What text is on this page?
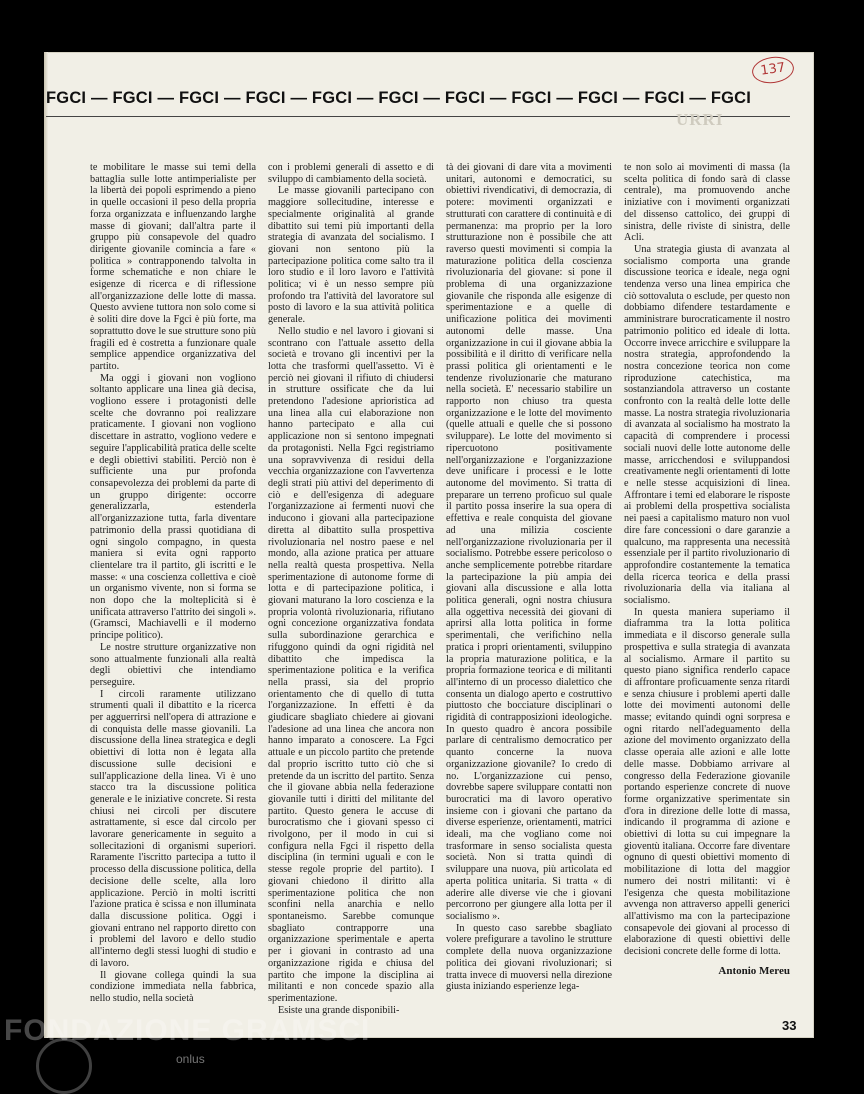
137
FGCI — FGCI — FGCI — FGCI — FGCI — FGCI — FGCI — FGCI — FGCI — FGCI — FGCI
URRI

te mobilitare le masse sui temi della battaglia sulle lotte antimperialiste per la libertà dei popoli esprimendo a pieno in quelle occasioni il peso della propria forza organizzata e influenzando larghe masse di giovani; dall'altra parte il gruppo più consapevole del quadro dirigente giovanile comincia a fare « politica » contrapponendo talvolta in forme schematiche e non chiare le esigenze di ricerca e di riflessione all'organizzazione delle lotte di massa. Questo avviene tuttora non solo come si è soliti dire dove la Fgci è più forte, ma soprattutto dove le sue strutture sono più fragili ed è costretta a funzionare quale semplice appendice organizzativa del partito.

Ma oggi i giovani non vogliono soltanto applicare una linea già decisa, vogliono essere i protagonisti delle scelte che dovranno poi realizzare praticamente. I giovani non vogliono discettare in astratto, vogliono vedere e seguire l'applicabilità pratica delle scelte e degli obiettivi stabiliti. Perciò non è sufficiente una pur profonda consapevolezza dei problemi da parte di un gruppo dirigente: occorre generalizzarla, estenderla all'organizzazione tutta, farla diventare patrimonio della prassi quotidiana di ogni singolo compagno, in questa maniera si evita ogni rapporto clientelare tra il partito, gli iscritti e le masse: « una coscienza collettiva e cioè un organismo vivente, non si forma se non dopo che la molteplicità si è unificata attraverso l'attrito dei singoli ». (Gramsci, Machiavelli e il moderno principe politico).

Le nostre strutture organizzative non sono attualmente funzionali alla realtà degli obiettivi che intendiamo perseguire.

I circoli raramente utilizzano strumenti quali il dibattito e la ricerca per agguerrirsi nell'opera di attrazione e di conquista delle masse giovanili. La discussione della linea strategica e degli obiettivi di lotta non è legata alla discussione sulle decisioni e sull'applicazione della linea. Vi è uno stacco tra la discussione politica generale e le iniziative concrete. Si resta chiusi nei circoli per discutere astrattamente, si esce dal circolo per lavorare genericamente in seguito a sollecitazioni di organismi superiori. Raramente l'iscritto partecipa a tutto il processo della discussione politica, della decisione delle scelte, alla loro applicazione. Perciò in molti iscritti l'azione pratica è scissa e non illuminata dalla discussione politica. Oggi i giovani entrano nel rapporto diretto con i problemi del lavoro e dello studio all'interno degli stessi luoghi di studio e di lavoro.

Il giovane collega quindi la sua condizione immediata nella fabbrica, nello studio, nella società

con i problemi generali di assetto e di sviluppo di cambiamento della società.

Le masse giovanili partecipano con maggiore sollecitudine, interesse e specialmente originalità al grande dibattito sui temi più importanti della strategia di avanzata del socialismo. I giovani non sentono più la partecipazione politica come salto tra il loro studio e il loro lavoro e l'attività politica; vi è un nesso sempre più profondo tra l'attività del lavoratore sul posto di lavoro e la sua attività politica generale.

Nello studio e nel lavoro i giovani si scontrano con l'attuale assetto della società e trovano gli incentivi per la lotta che trasformi quell'assetto. Vi è perciò nei giovani il rifiuto di chiudersi in strutture ossificate che da lui pretendono l'adesione aprioristica ad una linea alla cui elaborazione non hanno partecipato e alla cui applicazione non si sentono impegnati da protagonisti. Nella Fgci registriamo una sopravvivenza di residui della vecchia organizzazione con l'avvertenza degli strati più attivi del deperimento di ciò e dell'esigenza di adeguare l'organizzazione ai fermenti nuovi che inducono i giovani alla partecipazione diretta al dibattito sulla prospettiva rivoluzionaria nel nostro paese e nel mondo, alla azione pratica per attuare nella realtà questa prospettiva. Nella sperimentazione di autonome forme di lotta e di partecipazione politica, i giovani maturano la loro coscienza e la propria volontà rivoluzionaria, rifiutano ogni concezione organizzativa fondata sulla subordinazione gerarchica e rifuggono quindi da ogni rigidità nel dibattito che impedisca la sperimentazione politica e la verifica nella prassi, sia del proprio orientamento che di quello di tutta l'organizzazione. In effetti è da giudicare sbagliato chiedere ai giovani l'adesione ad una linea che ancora non hanno imparato a conoscere. La Fgci attuale e un piccolo partito che pretende dal proprio iscritto tutto ciò che si pretende da un iscritto del partito. Senza che il giovane abbia nella federazione giovanile tutti i diritti del militante del partito. Questo genera le accuse di burocratismo che i giovani spesso ci rivolgono, per il modo in cui si configura nella Fgci il rispetto della disciplina (in termini uguali e con le stesse regole proprie del partito). I giovani chiedono il diritto alla sperimentazione politica che non sconfini nella anarchia e nello spontaneismo. Sarebbe comunque sbagliato contrapporre una organizzazione sperimentale e aperta per i giovani in contrasto ad una organizzazione rigida e chiusa del partito che impone la disciplina ai militanti e non concede spazio alla sperimentazione.

Esiste una grande disponibili-

tà dei giovani di dare vita a movimenti unitari, autonomi e democratici, su obiettivi rivendicativi, di democrazia, di potere: movimenti organizzati e strutturati con carattere di continuità e di permanenza: ma proprio per la loro strutturazione non è possibile che att raverso questi movimenti si compia la maturazione politica della coscienza rivoluzionaria del giovane: si pone il problema di una organizzazione giovanile che risponda alle esigenze di sperimentazione e a quelle di unificazione politica dei movimenti autonomi delle masse. Una organizzazione in cui il giovane abbia la possibilità e il diritto di verificare nella prassi politica gli orientamenti e le tendenze rivoluzionarie che maturano nella società. E' necessario stabilire un rapporto non chiuso tra questa organizzazione e le lotte del movimento (quelle attuali e quelle che si possono sviluppare). Le lotte del movimento si ripercuotono positivamente nell'organizzazione e l'organizzazione deve unificare i processi e le lotte autonome del movimento. Si tratta di preparare un terreno proficuo sul quale il partito possa inserire la sua opera di effettiva e reale conquista del giovane ad una milizia cosciente nell'organizzazione rivoluzionaria per il socialismo. Potrebbe essere pericoloso o anche semplicemente potrebbe ritardare la partecipazione la più ampia dei giovani alla discussione e alla lotta politica generali, ogni nostra chiusura alla oggettiva necessità dei giovani di aprirsi alla lotta politica in forme sperimentali, che verifichino nella pratica i propri orientamenti, sviluppino la propria maturazione politica, e la propria formazione teorica e di militanti all'interno di un processo dialettico che consenta un dialogo aperto e costruttivo piuttosto che bocciature disciplinari o rigidità di contrapposizioni ideologiche. In questo quadro è ancora possibile parlare di centralismo democratico per quanto concerne la nuova organizzazione giovanile? Io credo di no. L'organizzazione cui penso, dovrebbe sapere sviluppare contatti non burocratici ma di lavoro operativo insieme con i giovani che partano da diverse esperienze, orientamenti, matrici ideali, ma che vogliano come noi trasformare in senso socialista questa società. Non si tratta quindi di sviluppare una nuova, più articolata ed aperta politica unitaria. Si tratta « di aderire alle diverse vie che i giovani percorrono per giungere alla lotta per il socialismo ».

In questo caso sarebbe sbagliato volere prefigurare a tavolino le strutture complete della nuova organizzazione politica dei giovani rivoluzionari; si tratta invece di muoversi nella direzione giusta iniziando esperienze lega-

te non solo ai movimenti di massa (la scelta politica di fondo sarà di classe centrale), ma promuovendo anche iniziative con i movimenti organizzati del dissenso cattolico, dei gruppi di sinistra, delle riviste di sinistra, delle Acli.

Una strategia giusta di avanzata al socialismo comporta una grande discussione teorica e ideale, nega ogni tendenza verso una linea empirica che ciò sottovaluta o esclude, per questo non dobbiamo difendere testardamente e amministrare burocraticamente il nostro patrimonio politico ed ideale di lotta. Occorre invece arricchire e sviluppare la nostra strategia, approfondendo la nostra concezione teorica non come riproduzione catechistica, ma sostanziandola attraverso un costante confronto con la realtà delle lotte delle masse. La nostra strategia rivoluzionaria di avanzata al socialismo ha mostrato la capacità di comprendere i processi sociali nuovi delle lotte autonome delle masse, arricchendosi e sviluppandosi creativamente negli orientamenti di lotte e nelle stesse acquisizioni di linea. Affrontare i temi ed elaborare le risposte ai problemi della prospettiva socialista nei paesi a capitalismo maturo non vuol dire fare concessioni o dare garanzie a qualcuno, ma rappresenta una necessità essenziale per il partito rivoluzionario di approfondire costantemente la tematica della ricerca teorica e della prassi rivoluzionaria della via italiana al socialismo.

In questa maniera superiamo il diaframma tra la lotta politica immediata e il discorso generale sulla prospettiva e sulla strategia di avanzata al socialismo. Armare il partito su questo piano significa renderlo capace di affrontare proficuamente senza ritardi e senza chiusure i problemi aperti dalle lotte dei movimenti autonomi delle masse; evitando quindi ogni sorpresa e ogni ritardo nell'adeguamento della azione del movimento organizzato della classe operaia alle azioni e alle lotte delle masse. Dobbiamo arrivare al congresso della Federazione giovanile portando esperienze concrete di nuove forme organizzative sperimentate sin d'ora in direzione delle lotte di massa, indicando il programma di azione e obiettivi di lotta su cui impegnare la gioventù italiana. Occorre fare diventare ognuno di questi obiettivi momento di mobilitazione di lotta del maggior numero dei nostri militanti: vi è l'esigenza che questa mobilitazione avvenga non attraverso appelli generici all'attivismo ma con la partecipazione consapevole dei giovani al processo di elaborazione di questi obiettivi delle decisioni concrete delle forme di lotta.

Antonio Mereu

33
FONDAZIONE GRAMSCI
onlus
